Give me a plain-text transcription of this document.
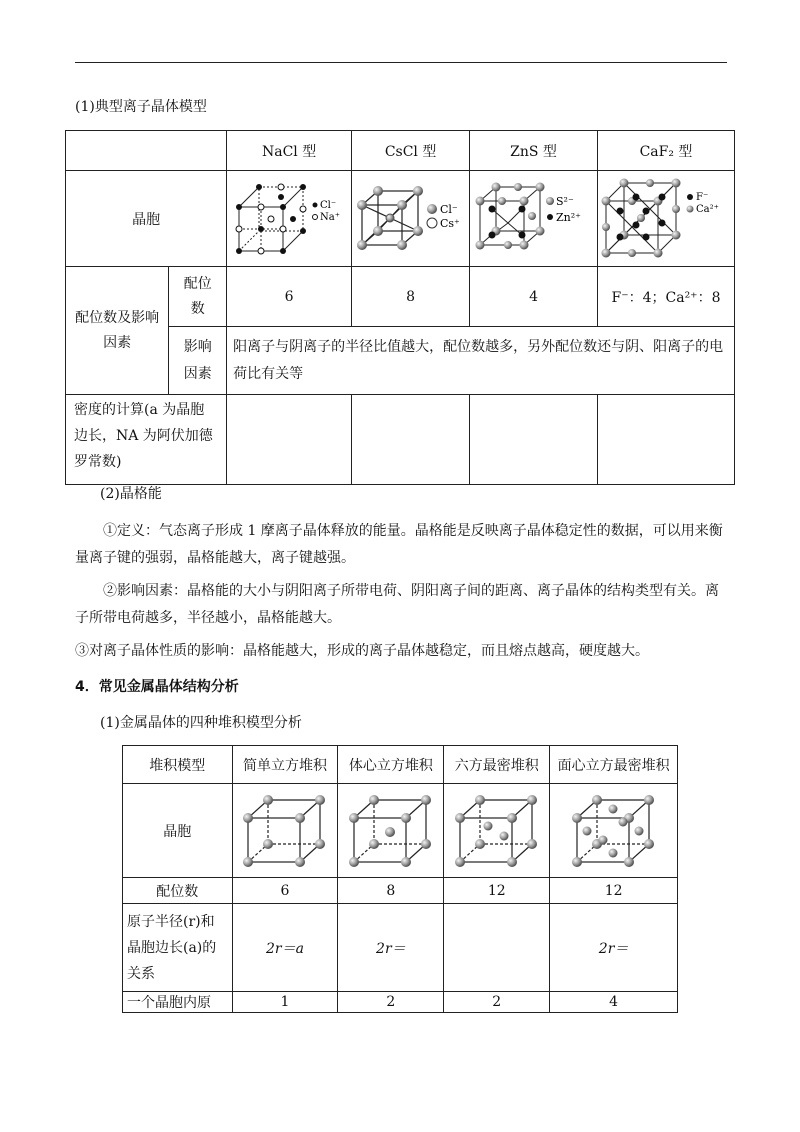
(1)典型离子晶体模型
		NaCl 型	CsCl 型	ZnS 型	CaF₂ 型
晶胞		Cl⁻
Na⁺	Cl⁻
Cs⁺	S²⁻
Zn²⁺	F⁻
Ca²⁺

配位数及影响因素	配位数	6	8	4	F⁻：4；Ca²⁺：8
	影响因素	阳离子与阴离子的半径比值越大，配位数越多，另外配位数还与阴、阳离子的电荷比有关等			
密度的计算(a 为晶胞边长，NA 为阿伏加德罗常数)					
(2)晶格能
①定义：气态离子形成 1 摩离子晶体释放的能量。晶格能是反映离子晶体稳定性的数据，可以用来衡量离子键的强弱，晶格能越大，离子键越强。
②影响因素：晶格能的大小与阴阳离子所带电荷、阴阳离子间的距离、离子晶体的结构类型有关。离子所带电荷越多，半径越小，晶格能越大。
③对离子晶体性质的影响：晶格能越大，形成的离子晶体越稳定，而且熔点越高，硬度越大。
4．常见金属晶体结构分析
(1)金属晶体的四种堆积模型分析
堆积模型	简单立方堆积	体心立方堆积	六方最密堆积	面心立方最密堆积
晶胞	

配位数	6	8	12	12
原子半径(r)和晶胞边长(a)的关系	2r＝a	2r＝		2r＝
一个晶胞内原	1	2	2	4
